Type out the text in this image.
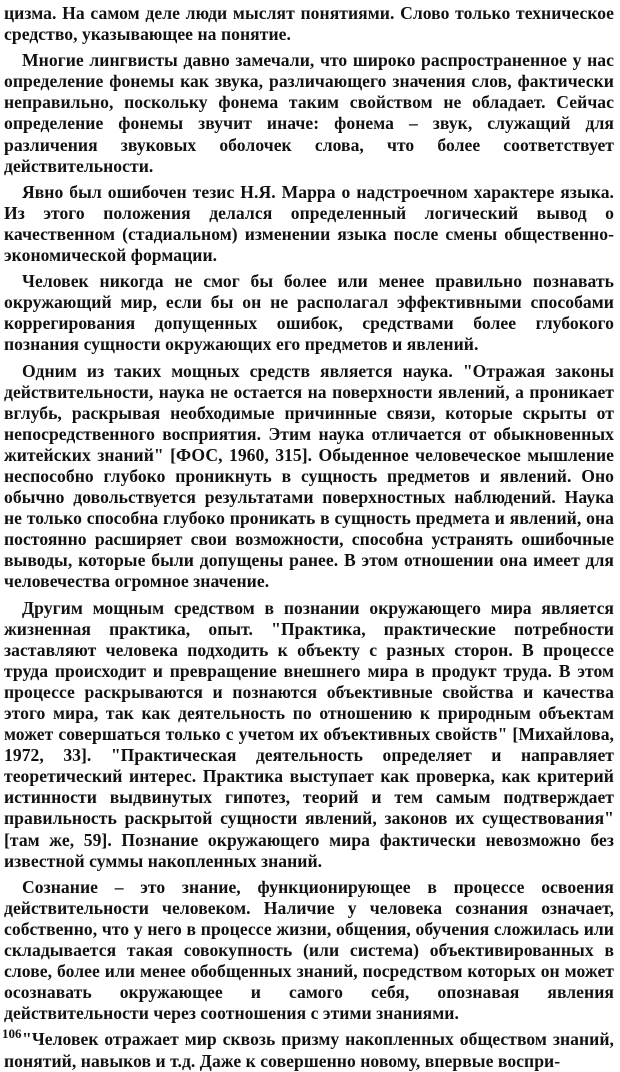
цизма. На самом деле люди мыслят понятиями. Слово только техническое средство, указывающее на понятие.

Многие лингвисты давно замечали, что широко распространенное у нас определение фонемы как звука, различающего значения слов, фактически неправильно, поскольку фонема таким свойством не обладает. Сейчас определение фонемы звучит иначе: фонема – звук, служащий для различения звуковых оболочек слова, что более соответствует действительности.

Явно был ошибочен тезис Н.Я. Марра о надстроечном характере языка. Из этого положения делался определенный логический вывод о качественном (стадиальном) изменении языка после смены общественно-экономической формации.

Человек никогда не смог бы более или менее правильно познавать окружающий мир, если бы он не располагал эффективными способами коррегирования допущенных ошибок, средствами более глубокого познания сущности окружающих его предметов и явлений.

Одним из таких мощных средств является наука. "Отражая законы действительности, наука не остается на поверхности явлений, а проникает вглубь, раскрывая необходимые причинные связи, которые скрыты от непосредственного восприятия. Этим наука отличается от обыкновенных житейских знаний" [ФОС, 1960, 315]. Обыденное человеческое мышление неспособно глубоко проникнуть в сущность предметов и явлений. Оно обычно довольствуется результатами поверхностных наблюдений. Наука не только способна глубоко проникать в сущность предмета и явлений, она постоянно расширяет свои возможности, способна устранять ошибочные выводы, которые были допущены ранее. В этом отношении она имеет для человечества огромное значение.

Другим мощным средством в познании окружающего мира является жизненная практика, опыт. "Практика, практические потребности заставляют человека подходить к объекту с разных сторон. В процессе труда происходит и превращение внешнего мира в продукт труда. В этом процессе раскрываются и познаются объективные свойства и качества этого мира, так как деятельность по отношению к природным объектам может совершаться только с учетом их объективных свойств" [Михайлова, 1972, 33]. "Практическая деятельность определяет и направляет теоретический интерес. Практика выступает как проверка, как критерий истинности выдвинутых гипотез, теорий и тем самым подтверждает правильность раскрытой сущности явлений, законов их существования" [там же, 59]. Познание окружающего мира фактически невозможно без известной суммы накопленных знаний.

Сознание – это знание, функционирующее в процессе освоения действительности человеком. Наличие у человека сознания означает, собственно, что у него в процессе жизни, общения, обучения сложилась или складывается такая совокупность (или система) объективированных в слове, более или менее обобщенных знаний, посредством которых он может осознавать окружающее и самого себя, опознавая явления действительности через соотношения с этими знаниями.

"Человек отражает мир сквозь призму накопленных обществом знаний, понятий, навыков и т.д. Даже к совершенно новому, впервые воспри-

106
